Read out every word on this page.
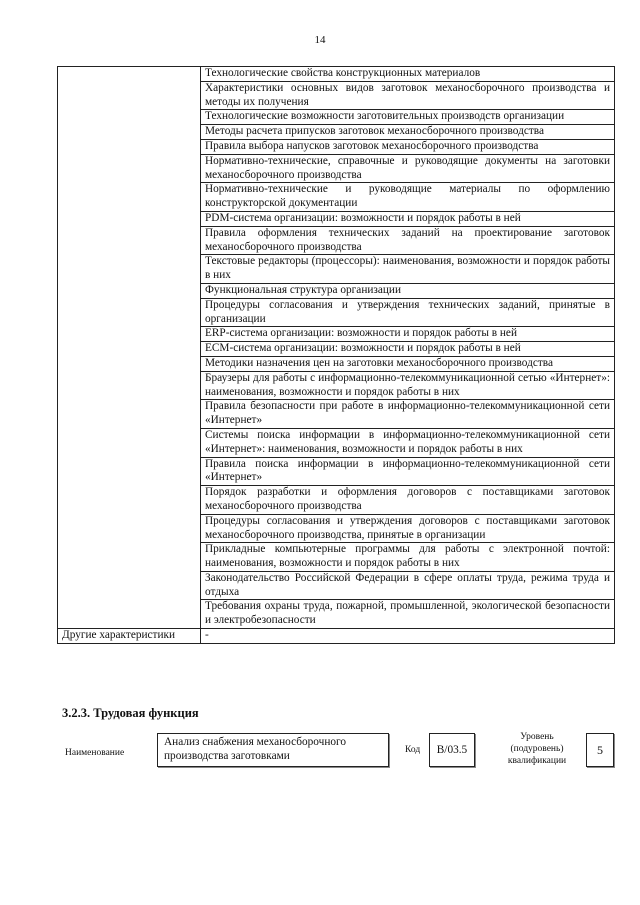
14
	Технологические свойства конструкционных материалов
	Характеристики основных видов заготовок механосборочного производства и методы их получения
	Технологические возможности заготовительных производств организации
	Методы расчета припусков заготовок механосборочного производства
	Правила выбора напусков заготовок механосборочного производства
	Нормативно-технические, справочные и руководящие документы на заготовки механосборочного производства
	Нормативно-технические и руководящие материалы по оформлению конструкторской документации
	PDM-система организации: возможности и порядок работы в ней
	Правила оформления технических заданий на проектирование заготовок механосборочного производства
	Текстовые редакторы (процессоры): наименования, возможности и порядок работы в них
	Функциональная структура организации
	Процедуры согласования и утверждения технических заданий, принятые в организации
	ERP-система организации: возможности и порядок работы в ней
	ECM-система организации: возможности и порядок работы в ней
	Методики назначения цен на заготовки механосборочного производства
	Браузеры для работы с информационно-телекоммуникационной сетью «Интернет»: наименования, возможности и порядок работы в них
	Правила безопасности при работе в информационно-телекоммуникационной сети «Интернет»
	Системы поиска информации в информационно-телекоммуникационной сети «Интернет»: наименования, возможности и порядок работы в них
	Правила поиска информации в информационно-телекоммуникационной сети «Интернет»
	Порядок разработки и оформления договоров с поставщиками заготовок механосборочного производства
	Процедуры согласования и утверждения договоров с поставщиками заготовок механосборочного производства, принятые в организации
	Прикладные компьютерные программы для работы с электронной почтой: наименования, возможности и порядок работы в них
	Законодательство Российской Федерации в сфере оплаты труда, режима труда и отдыха
	Требования охраны труда, пожарной, промышленной, экологической безопасности и электробезопасности
Другие характеристики	-
3.2.3. Трудовая функция
Наименование
Анализ снабжения механосборочного производства заготовками	Код B/03.5
Уровень (подуровень) квалификации
5
